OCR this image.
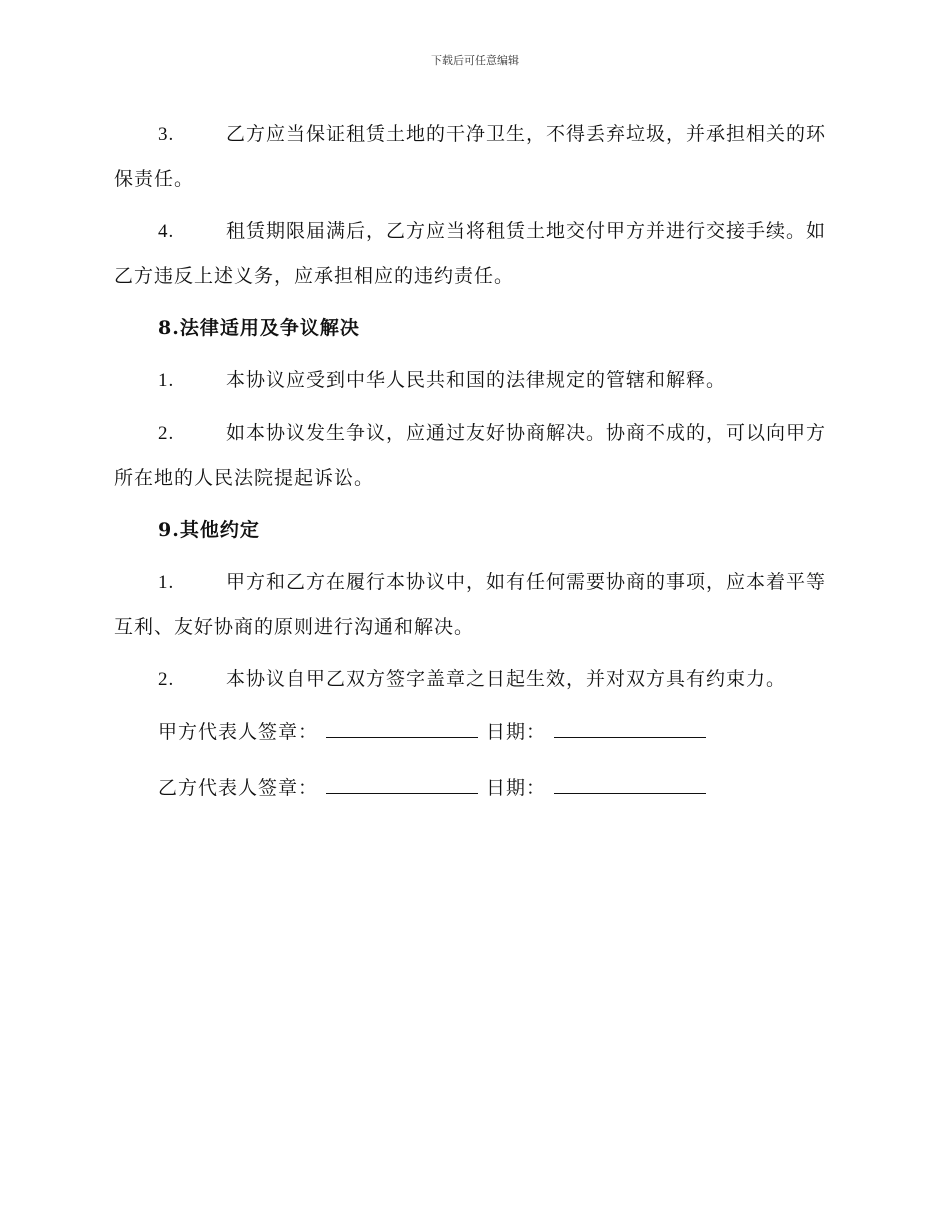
下载后可任意编辑

3.	乙方应当保证租赁土地的干净卫生，不得丢弃垃圾，并承担相关的环保责任。

4.	租赁期限届满后，乙方应当将租赁土地交付甲方并进行交接手续。如乙方违反上述义务，应承担相应的违约责任。

8.法律适用及争议解决

1.	本协议应受到中华人民共和国的法律规定的管辖和解释。

2.	如本协议发生争议，应通过友好协商解决。协商不成的，可以向甲方所在地的人民法院提起诉讼。

9.其他约定

1.	甲方和乙方在履行本协议中，如有任何需要协商的事项，应本着平等互利、友好协商的原则进行沟通和解决。

2.	本协议自甲乙双方签字盖章之日起生效，并对双方具有约束力。

甲方代表人签章：	日期：
乙方代表人签章：	日期：
